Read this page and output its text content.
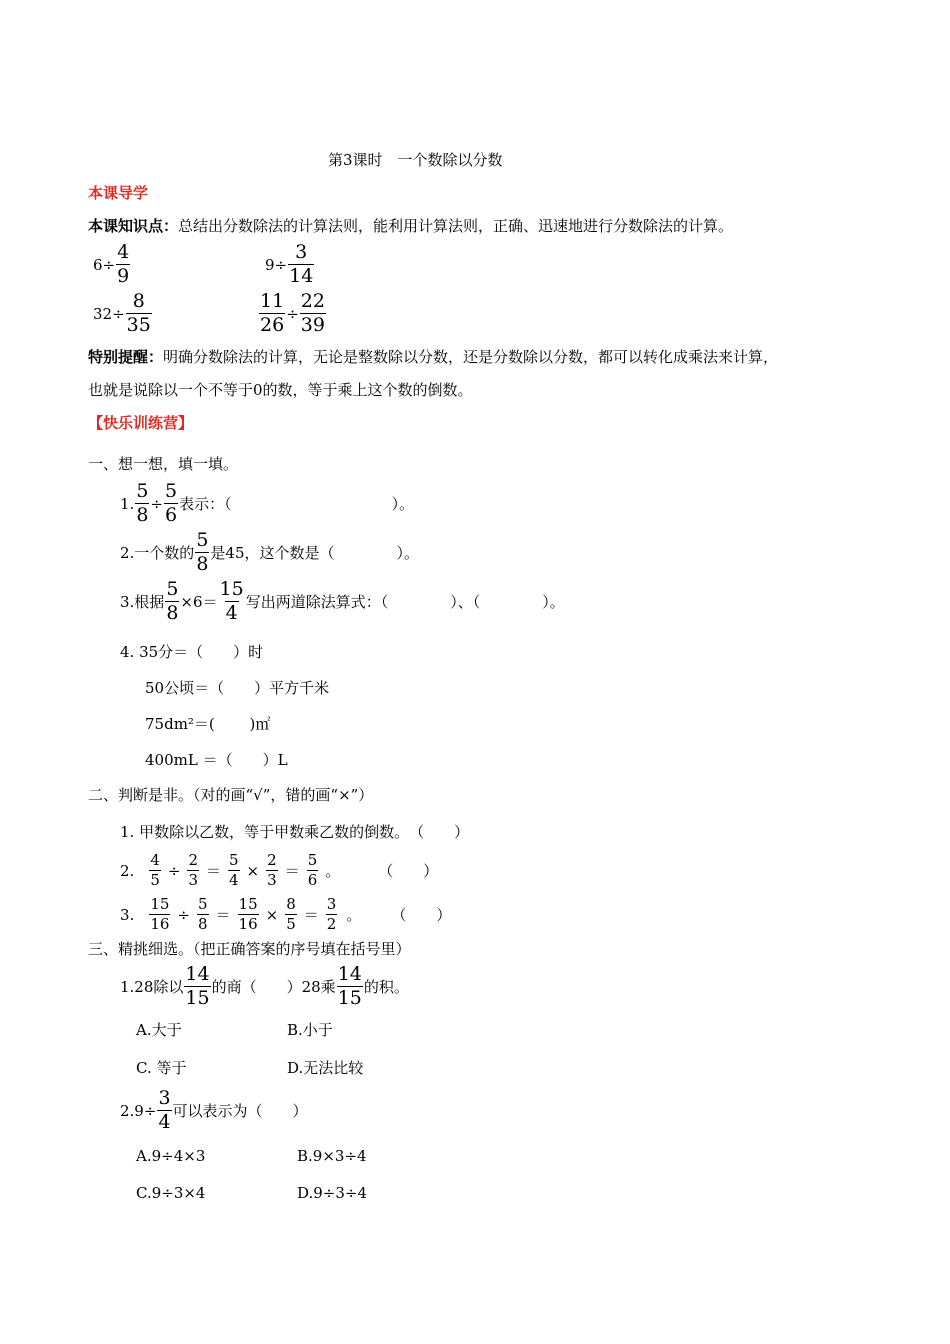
第3课时　一个数除以分数
本课导学
本课知识点：总结出分数除法的计算法则，能利用计算法则，正确、迅速地进行分数除法的计算。
$6\div \frac{4}{9}$	$9\div \frac{3}{14}$
$32\div \frac{8}{35}$	$\frac{11}{26} \div \frac{22}{39}$
特别提醒：明确分数除法的计算，无论是整数除以分数，还是分数除以分数，都可以转化成乘法来计算，
也就是说除以一个不等于0的数，等于乘上这个数的倒数。
【快乐训练营】
一、想一想，填一填。
1. $\frac{5}{8} \div \frac{5}{6}$ 表示：（	）。
2.一个数的 $\frac{5}{8}$ 是45，这个数是（	）。
3.根据 $\frac{5}{8} \times 6= \frac{15}{4}$ 写出两道除法算式：（	）、（	）。
4. 35分＝（　　）时
50公顷＝（　　）平方千米
75dm²＝(　　 )㎡
400mL ＝（　　）L
二、判断是非。（对的画“√”，错的画“×”）
1. 甲数除以乙数，等于甲数乘乙数的倒数。　（　　）
2. $\frac{4}{5} \div \frac{2}{3} = \frac{5}{4} \times \frac{2}{3} = \frac{5}{6}$ 。	（　　）
3. $\frac{15}{16} \div \frac{5}{8} = \frac{15}{16} \times \frac{8}{5} = \frac{3}{2}$ 。 （　　）
三、精挑细选。（把正确答案的序号填在括号里）
1.28除以 $\frac{14}{15}$ 的商（　　）28乘 $\frac{14}{15}$ 的积。
A.大于	B.小于
C. 等于	D.无法比较
$2.9\div \frac{3}{4}$ 可以表示为（　　）
A.9÷4×3	B.9×3÷4
C.9÷3×4	D.9÷3÷4
